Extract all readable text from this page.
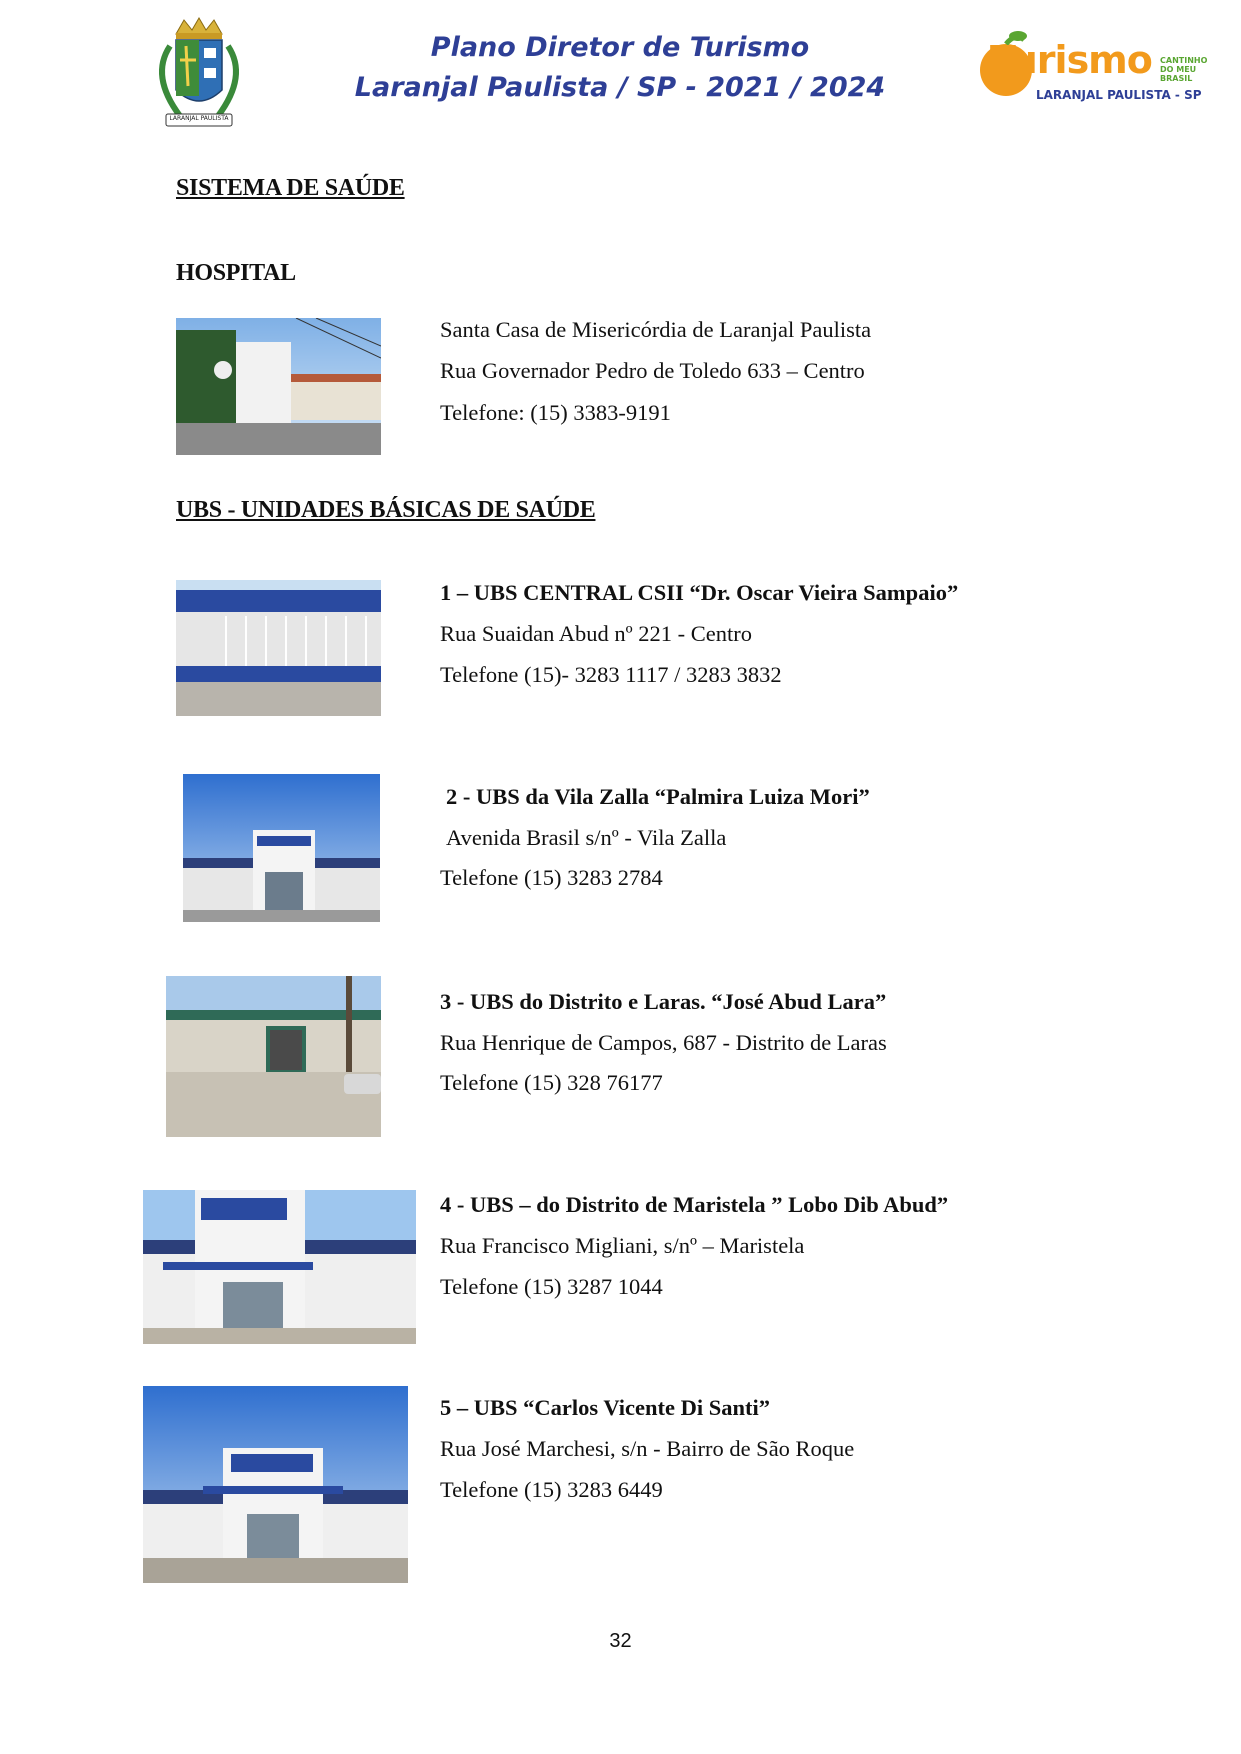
LARANJAL PAULISTA
Plano Diretor de Turismo
Laranjal Paulista / SP - 2021 / 2024
Turismo CANTINHO
DO MEU
BRASIL
LARANJAL PAULISTA - SP
SISTEMA DE SAÚDE
HOSPITAL
Santa Casa de Misericórdia de Laranjal Paulista
Rua Governador Pedro de Toledo 633 – Centro
Telefone: (15) 3383-9191
UBS - UNIDADES BÁSICAS DE SAÚDE
1 – UBS CENTRAL CSII “Dr. Oscar Vieira Sampaio”
Rua Suaidan Abud nº 221 - Centro
Telefone (15)- 3283 1117 / 3283 3832
2 - UBS da Vila Zalla “Palmira Luiza Mori”
Avenida Brasil s/nº - Vila Zalla
Telefone (15) 3283 2784
3 - UBS do Distrito e Laras. “José Abud Lara”
Rua Henrique de Campos, 687 - Distrito de Laras
Telefone (15) 328 76177
4 - UBS – do Distrito de Maristela ” Lobo Dib Abud”
Rua Francisco Migliani, s/nº – Maristela
Telefone (15) 3287 1044
5 – UBS “Carlos Vicente Di Santi”
Rua José Marchesi, s/n - Bairro de São Roque
Telefone (15) 3283 6449
32
